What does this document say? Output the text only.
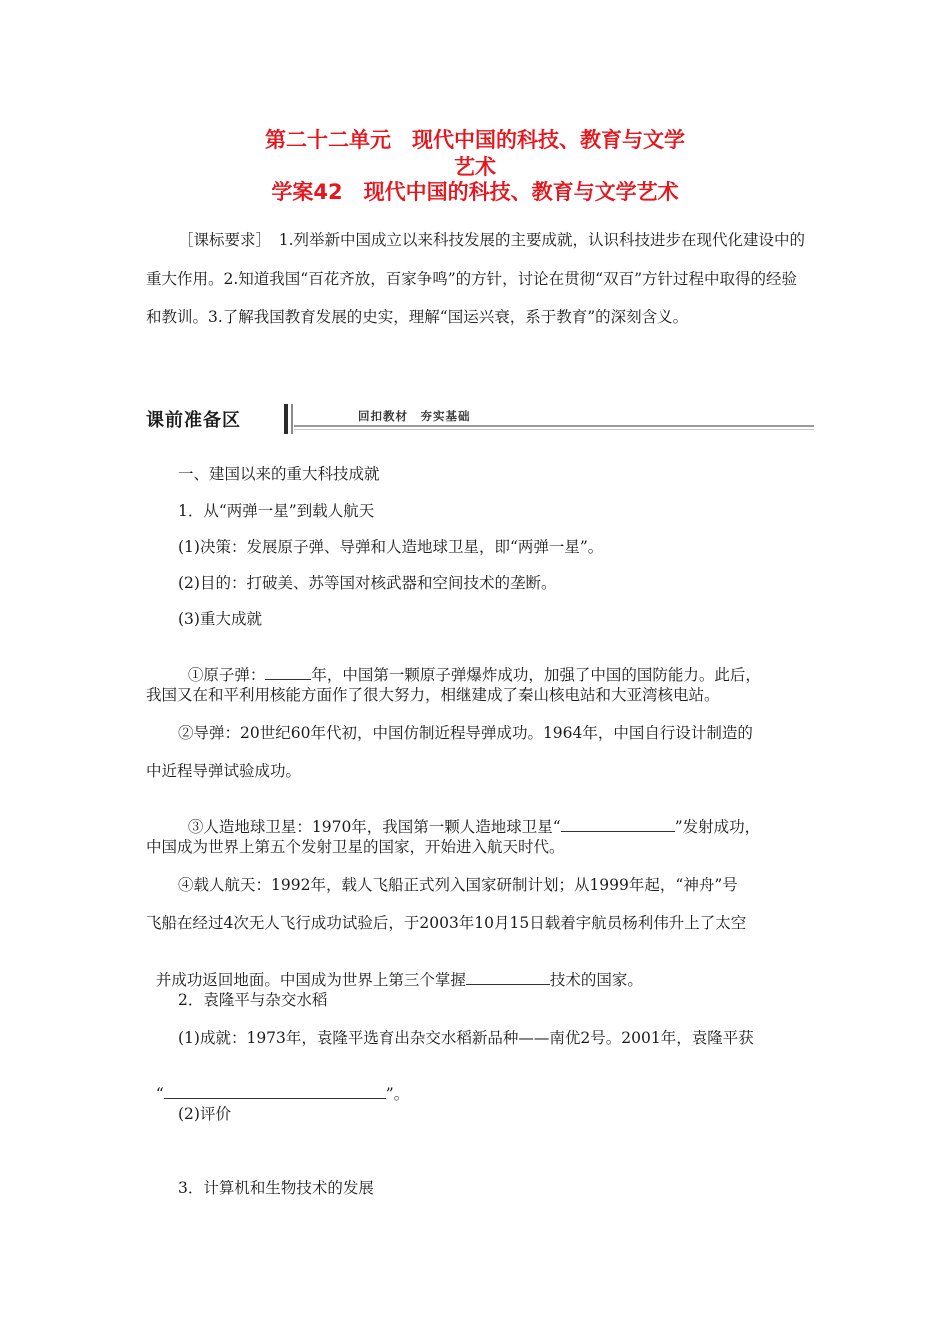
第二十二单元　现代中国的科技、教育与文学
艺术
学案42　现代中国的科技、教育与文学艺术
［课标要求］　1.列举新中国成立以来科技发展的主要成就，认识科技进步在现代化建设中的重大作用。2.知道我国“百花齐放，百家争鸣”的方针，讨论在贯彻“双百”方针过程中取得的经验和教训。3.了解我国教育发展的史实，理解“国运兴衰，系于教育”的深刻含义。
课前准备区	回扣教材　夯实基础
一、建国以来的重大科技成就
1．从“两弹一星”到载人航天
(1)决策：发展原子弹、导弹和人造地球卫星，即“两弹一星”。
(2)目的：打破美、苏等国对核武器和空间技术的垄断。
(3)重大成就

①原子弹：	年，中国第一颗原子弹爆炸成功，加强了中国的国防能力。此后，

我国又在和平利用核能方面作了很大努力，相继建成了秦山核电站和大亚湾核电站。
②导弹：20世纪60年代初，中国仿制近程导弹成功。1964年，中国自行设计制造的
中近程导弹试验成功。

③人造地球卫星：1970年，我国第一颗人造地球卫星“	”发射成功，

中国成为世界上第五个发射卫星的国家，开始进入航天时代。
④载人航天：1992年，载人飞船正式列入国家研制计划；从1999年起，“神舟”号
飞船在经过4次无人飞行成功试验后，于2003年10月15日载着宇航员杨利伟升上了太空

并成功返回地面。中国成为世界上第三个掌握	技术的国家。

2．袁隆平与杂交水稻
(1)成就：1973年，袁隆平选育出杂交水稻新品种——南优2号。2001年，袁隆平获

“	”。

(2)评价
3．计算机和生物技术的发展
